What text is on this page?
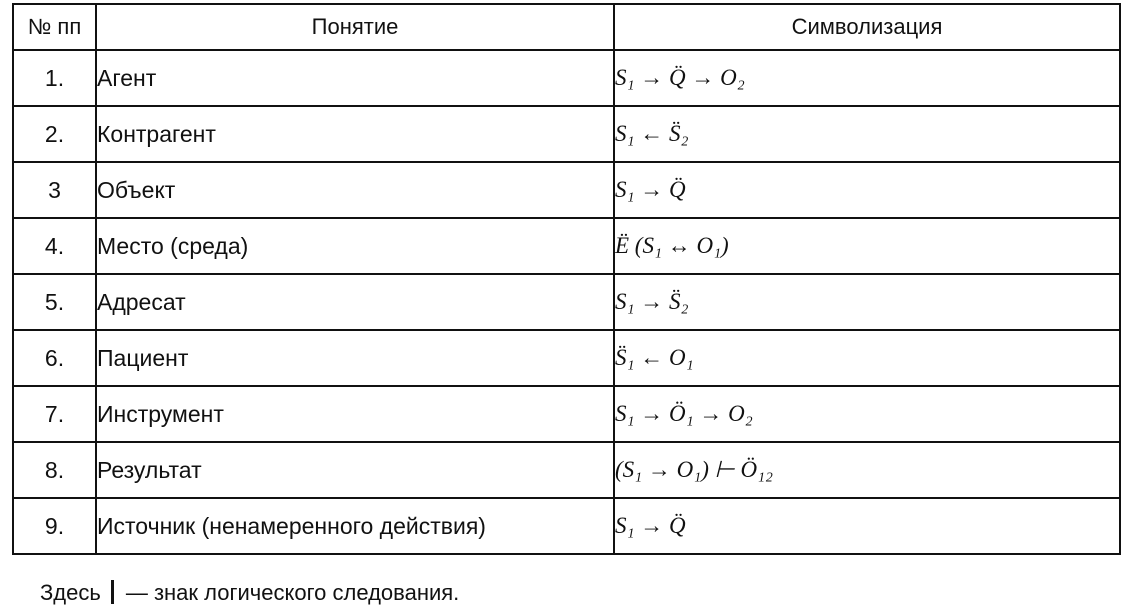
№ пп	Понятие	Символизация
1.	Агент	S₁ → Q̈ → O₂
2.	Контрагент	S₁ ← S̈₂
3	Объект	S₁ → Q̈
4.	Место (среда)	Ë (S₁ ↔ O₁)
5.	Адресат	S₁ → S̈₂
6.	Пациент	S̈₁ ← O₁
7.	Инструмент	S₁ → Ö₁ → O₂
8.	Результат	(S₁ → O₁) ⊢ Ö₁₂
9.	Источник (ненамеренного действия)	S₁ → Q̈
Здесь — знак логического следования.
